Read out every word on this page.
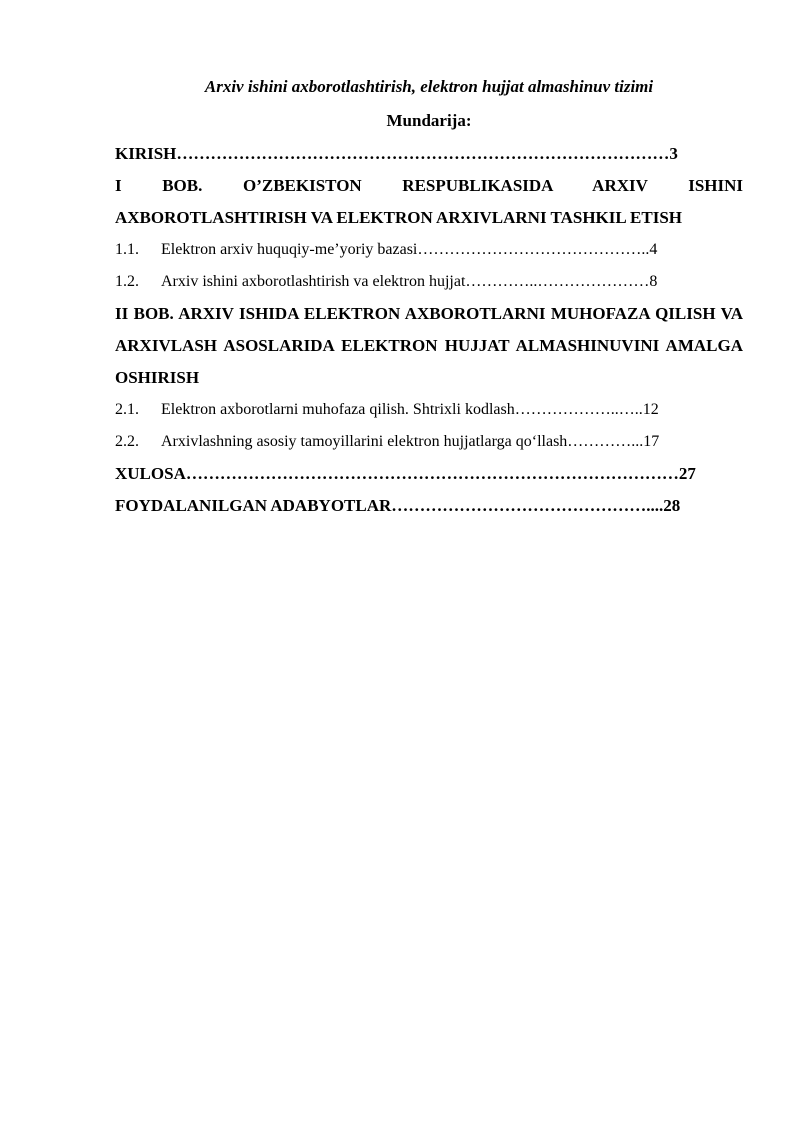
Arxiv ishini axborotlashtirish, elektron hujjat almashinuv tizimi

Mundarija:

KIRISH……………………………………………………………………………3

I BOB. O’ZBEKISTON RESPUBLIKASIDA ARXIV ISHINI AXBOROTLASHTIRISH VA ELEKTRON ARXIVLARNI TASHKIL ETISH

1.1. Elektron arxiv huquqiy-me’yoriy bazasi……………………………………..4
1.2. Arxiv ishini axborotlashtirish va elektron hujjat…………..…………………8

II BOB. ARXIV ISHIDA ELEKTRON AXBOROTLARNI MUHOFAZA QILISH VA ARXIVLASH ASOSLARIDA ELEKTRON HUJJAT ALMASHINUVINI AMALGA OSHIRISH

2.1. Elektron axborotlarni muhofaza qilish. Shtrixli kodlash………………..…..12
2.2. Arxivlashning asosiy tamoyillarini elektron hujjatlarga qo‘llash…………...17
XULOSA……………………………………………………………………………27
FOYDALANILGAN ADABYOTLAR………………………………………....28
